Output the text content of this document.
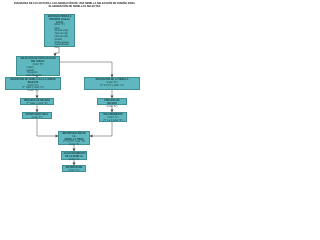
DIAGRAMA DE FLUJO PARA LA ELABORACIÓN DE UNA SEMILLA SELECCIÓN DE DISEÑO PARA ELABORACIÓN DE SEMILLAS SELECTAS
MATERIAS PRIMAS E INSUMOS (materia prima)
(Color "A")
Maíz
Semilla sorgo
Trigo de trigo
Fibra de trigo
Girasol
Ácidos grasos
Carbohidratos
Zinc
SELECCIÓN DE FERTILIZACIÓN DEL SUELO:
(Color "B")
Cultivo
Lavado
Trituración
RECEPCIÓN DE SEMILLA EN LA UNIDAD SELECTA
(Color "C")
(T° Calor y Color "A")
(Color "C")
INCUBACIÓN DE LA SEMILLA
(Color "D")
(T° 3 a 5°C y Color "C")
PROCESO DE SECADO
(T° Calor y Color "E")
PROCESO DE SECADO
(Color "E")
ESTABILIDAD VIRAL
(Color "F")
RECUBRIMIENTO
(Color "G")
(T° 1 a 3 Color "F")
INCORPORACIÓN DE LA
SEMILLA Y PESO
(T° 5 a 8°C Color "H")
(Color "I")
ALMACENAMIENTO
DE LA SEMILLA
(Color "J")
DISTRIBUCIÓN
(Color "K")
